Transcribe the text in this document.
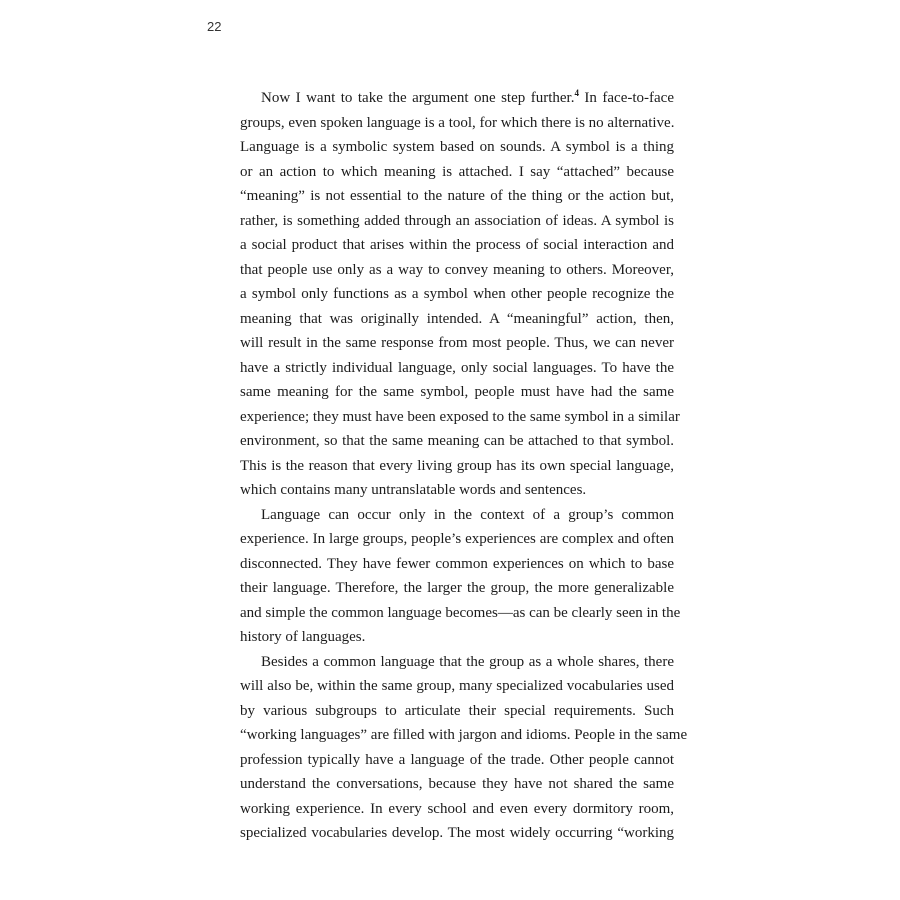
22
Now I want to take the argument one step further.$^4$ In face-to-face
groups, even spoken language is a tool, for which there is no alternative.
Language is a symbolic system based on sounds. A symbol is a thing
or an action to which meaning is attached. I say “attached” because
“meaning” is not essential to the nature of the thing or the action but,
rather, is something added through an association of ideas. A symbol is
a social product that arises within the process of social interaction and
that people use only as a way to convey meaning to others. Moreover,
a symbol only functions as a symbol when other people recognize the
meaning that was originally intended. A “meaningful” action, then,
will result in the same response from most people. Thus, we can never
have a strictly individual language, only social languages. To have the
same meaning for the same symbol, people must have had the same
experience; they must have been exposed to the same symbol in a similar
environment, so that the same meaning can be attached to that symbol.
This is the reason that every living group has its own special language,
which contains many untranslatable words and sentences.
Language can occur only in the context of a group’s common
experience. In large groups, people’s experiences are complex and often
disconnected. They have fewer common experiences on which to base
their language. Therefore, the larger the group, the more generalizable
and simple the common language becomes—as can be clearly seen in the
history of languages.
Besides a common language that the group as a whole shares, there
will also be, within the same group, many specialized vocabularies used
by various subgroups to articulate their special requirements. Such
“working languages” are filled with jargon and idioms. People in the same
profession typically have a language of the trade. Other people cannot
understand the conversations, because they have not shared the same
working experience. In every school and even every dormitory room,
specialized vocabularies develop. The most widely occurring “working
